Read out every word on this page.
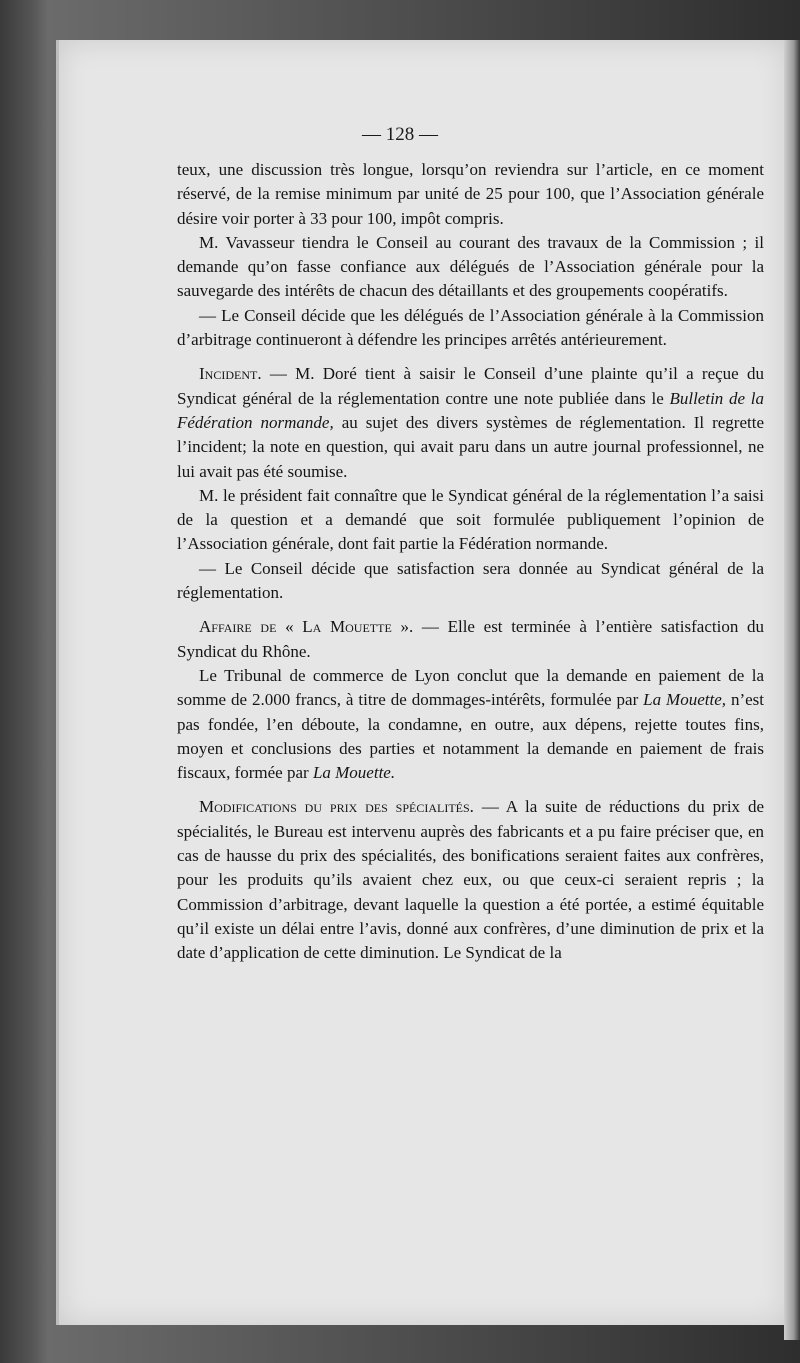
— 128 —

teux, une discussion très longue, lorsqu’on reviendra sur l’article, en ce moment réservé, de la remise minimum par unité de 25 pour 100, que l’Association générale désire voir porter à 33 pour 100, impôt compris.

M. Vavasseur tiendra le Conseil au courant des travaux de la Commission ; il demande qu’on fasse confiance aux délégués de l’Association générale pour la sauvegarde des intérêts de chacun des détaillants et des groupements coopératifs.

— Le Conseil décide que les délégués de l’Association générale à la Commission d’arbitrage continueront à défendre les principes arrêtés antérieurement.

Incident. — M. Doré tient à saisir le Conseil d’une plainte qu’il a reçue du Syndicat général de la réglementation contre une note publiée dans le Bulletin de la Fédération normande, au sujet des divers systèmes de réglementation. Il regrette l’incident; la note en question, qui avait paru dans un autre journal professionnel, ne lui avait pas été soumise.

M. le président fait connaître que le Syndicat général de la réglementation l’a saisi de la question et a demandé que soit formulée publiquement l’opinion de l’Association générale, dont fait partie la Fédération normande.

— Le Conseil décide que satisfaction sera donnée au Syndicat général de la réglementation.

Affaire de « La Mouette ». — Elle est terminée à l’entière satisfaction du Syndicat du Rhône.

Le Tribunal de commerce de Lyon conclut que la demande en paiement de la somme de 2.000 francs, à titre de dommages-intérêts, formulée par La Mouette, n’est pas fondée, l’en déboute, la condamne, en outre, aux dépens, rejette toutes fins, moyen et conclusions des parties et notamment la demande en paiement de frais fiscaux, formée par La Mouette.

Modifications du prix des spécialités. — A la suite de réductions du prix de spécialités, le Bureau est intervenu auprès des fabricants et a pu faire préciser que, en cas de hausse du prix des spécialités, des bonifications seraient faites aux confrères, pour les produits qu’ils avaient chez eux, ou que ceux-ci seraient repris ; la Commission d’arbitrage, devant laquelle la question a été portée, a estimé équitable qu’il existe un délai entre l’avis, donné aux confrères, d’une diminution de prix et la date d’application de cette diminution. Le Syndicat de la
